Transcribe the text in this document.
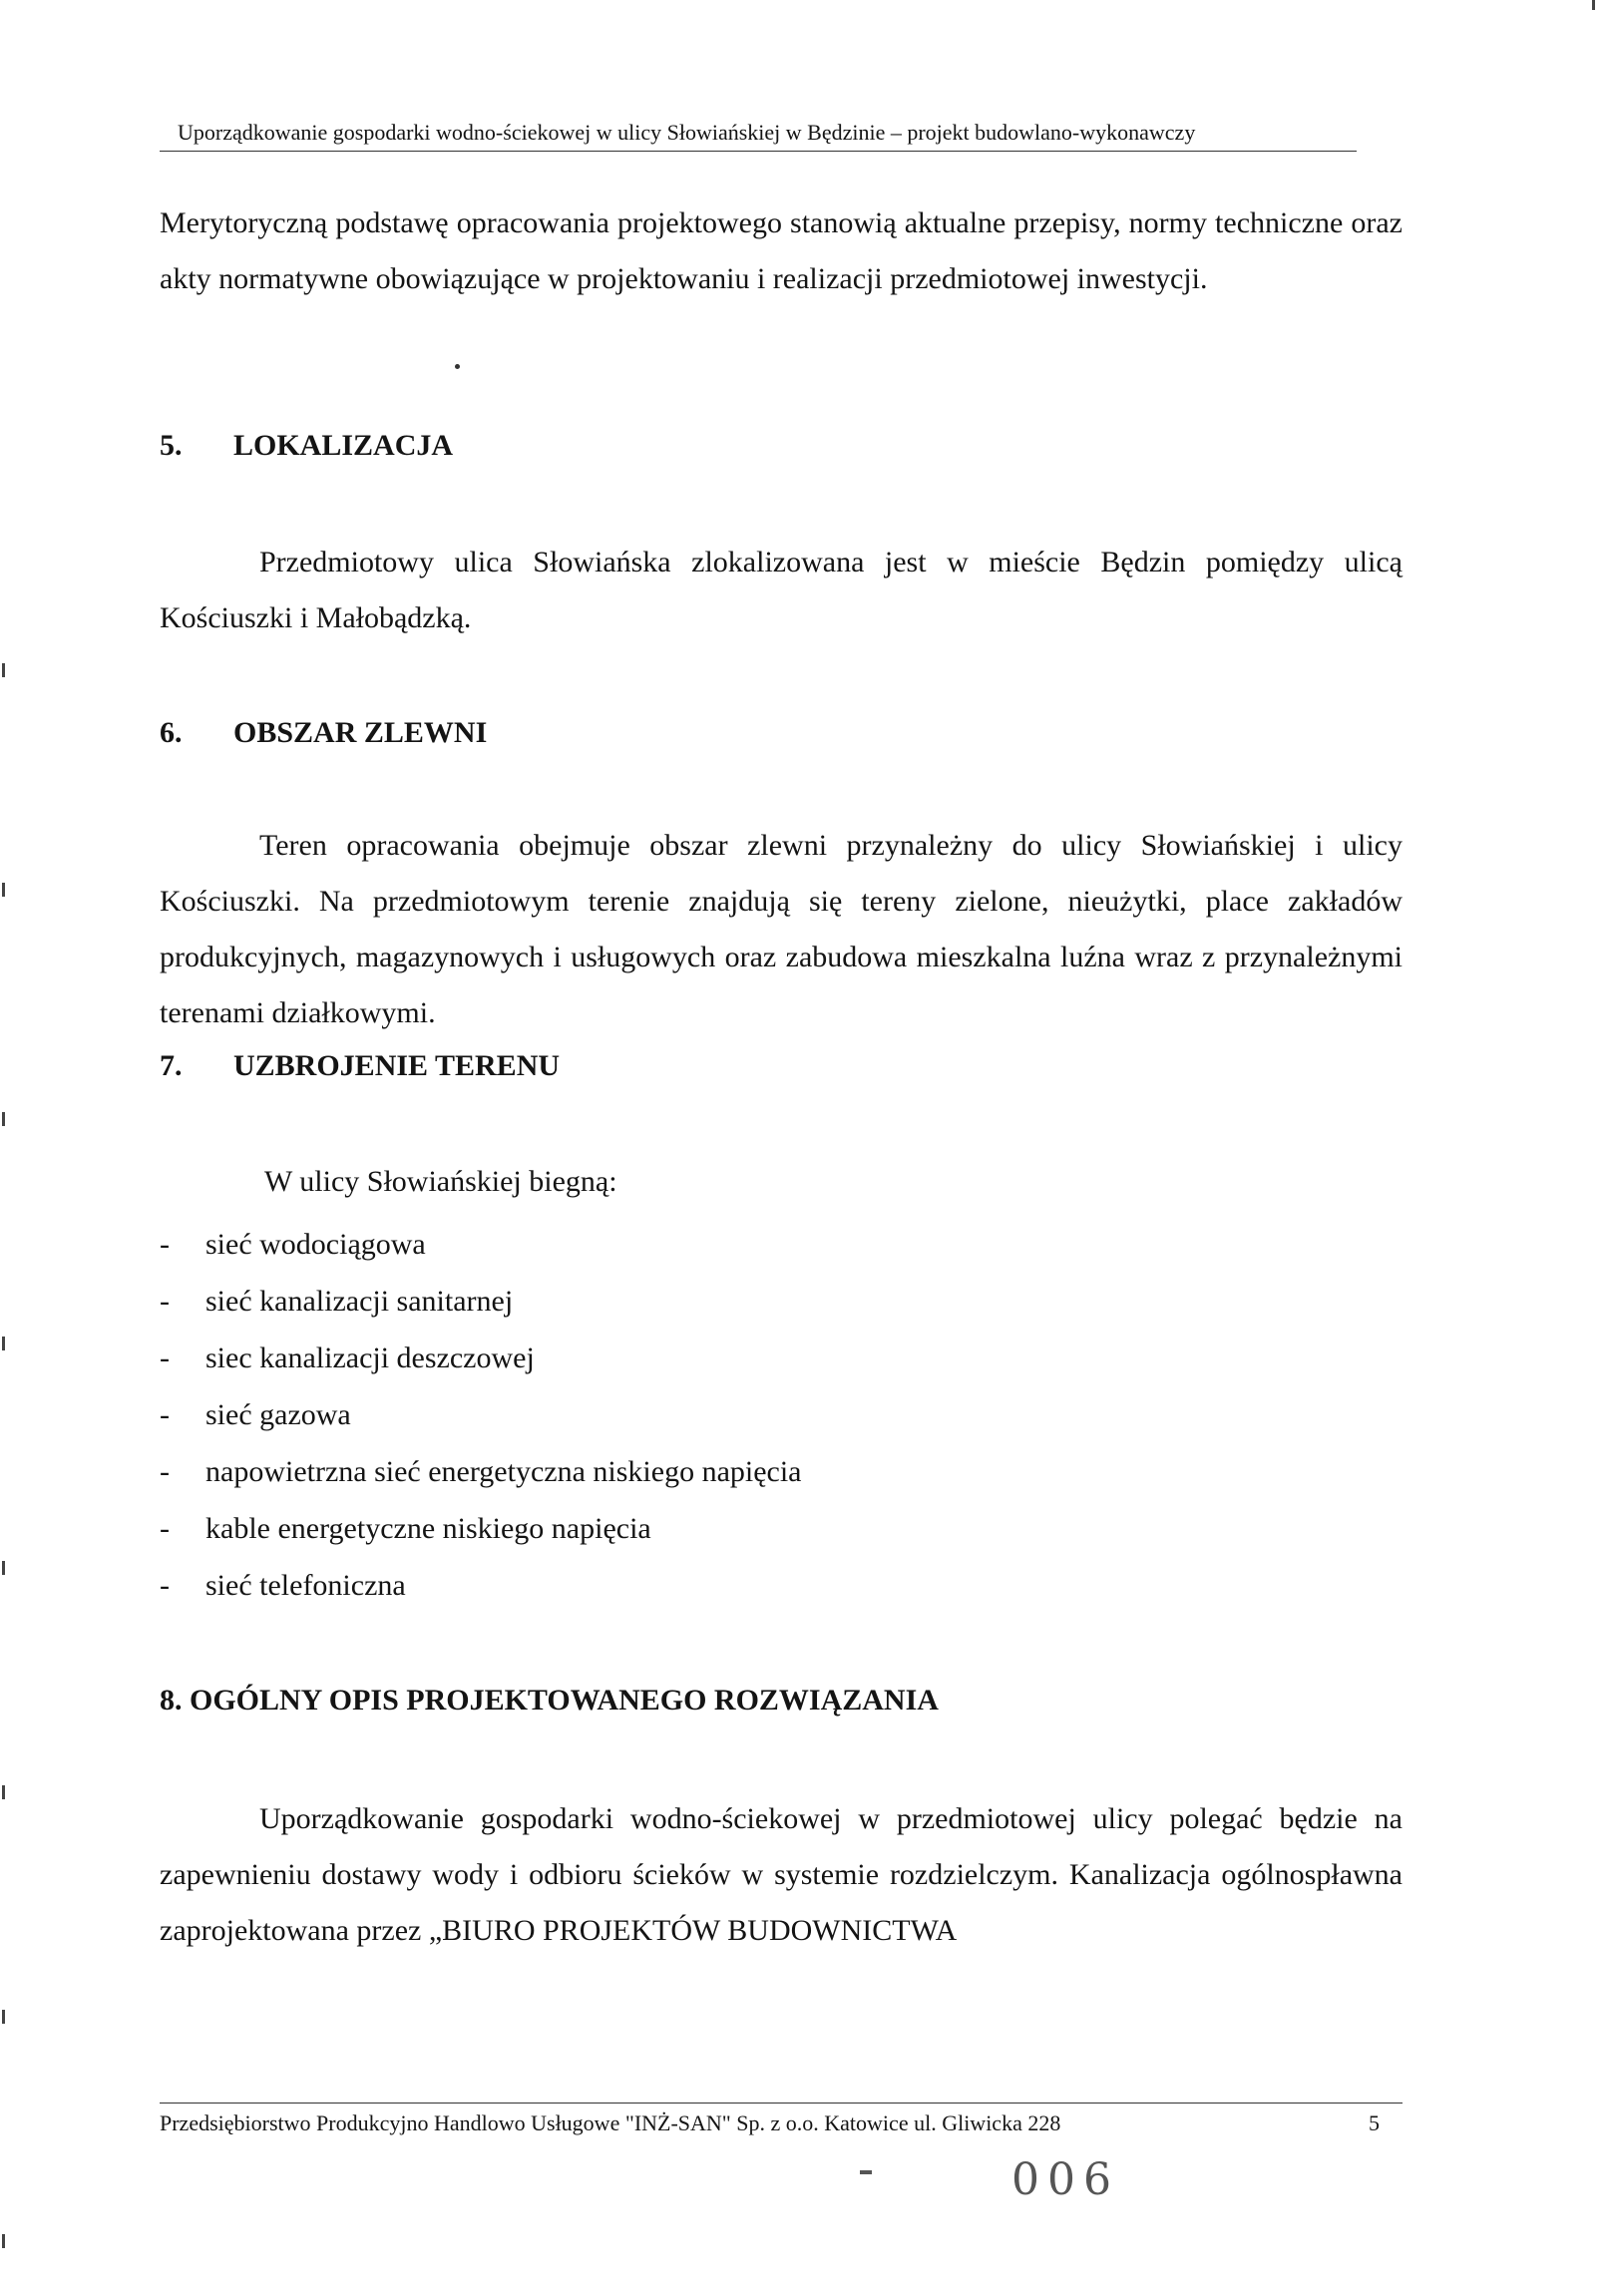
Uporządkowanie gospodarki wodno-ściekowej w ulicy Słowiańskiej w Będzinie – projekt budowlano-wykonawczy

Merytoryczną podstawę opracowania projektowego stanowią aktualne przepisy, normy techniczne oraz akty normatywne obowiązujące w projektowaniu i realizacji przedmiotowej inwestycji.

5. LOKALIZACJA

Przedmiotowy ulica Słowiańska zlokalizowana jest w mieście Będzin pomiędzy ulicą Kościuszki i Małobądzką.

6. OBSZAR ZLEWNI

Teren opracowania obejmuje obszar zlewni przynależny do ulicy Słowiańskiej i ulicy Kościuszki. Na przedmiotowym terenie znajdują się tereny zielone, nieużytki, place zakładów produkcyjnych, magazynowych i usługowych oraz zabudowa mieszkalna luźna wraz z przynależnymi terenami działkowymi.

7. UZBROJENIE TERENU
W ulicy Słowiańskiej biegną:
- sieć wodociągowa
- sieć kanalizacji sanitarnej
- siec kanalizacji deszczowej
- sieć gazowa
- napowietrzna sieć energetyczna niskiego napięcia
- kable energetyczne niskiego napięcia
- sieć telefoniczna
8. OGÓLNY OPIS PROJEKTOWANEGO ROZWIĄZANIA

Uporządkowanie gospodarki wodno-ściekowej w przedmiotowej ulicy polegać będzie na zapewnieniu dostawy wody i odbioru ścieków w systemie rozdzielczym. Kanalizacja ogólnospławna zaprojektowana przez „BIURO PROJEKTÓW BUDOWNICTWA

Przedsiębiorstwo Produkcyjno Handlowo Usługowe "INŻ-SAN" Sp. z o.o. Katowice ul. Gliwicka 228	5
006
